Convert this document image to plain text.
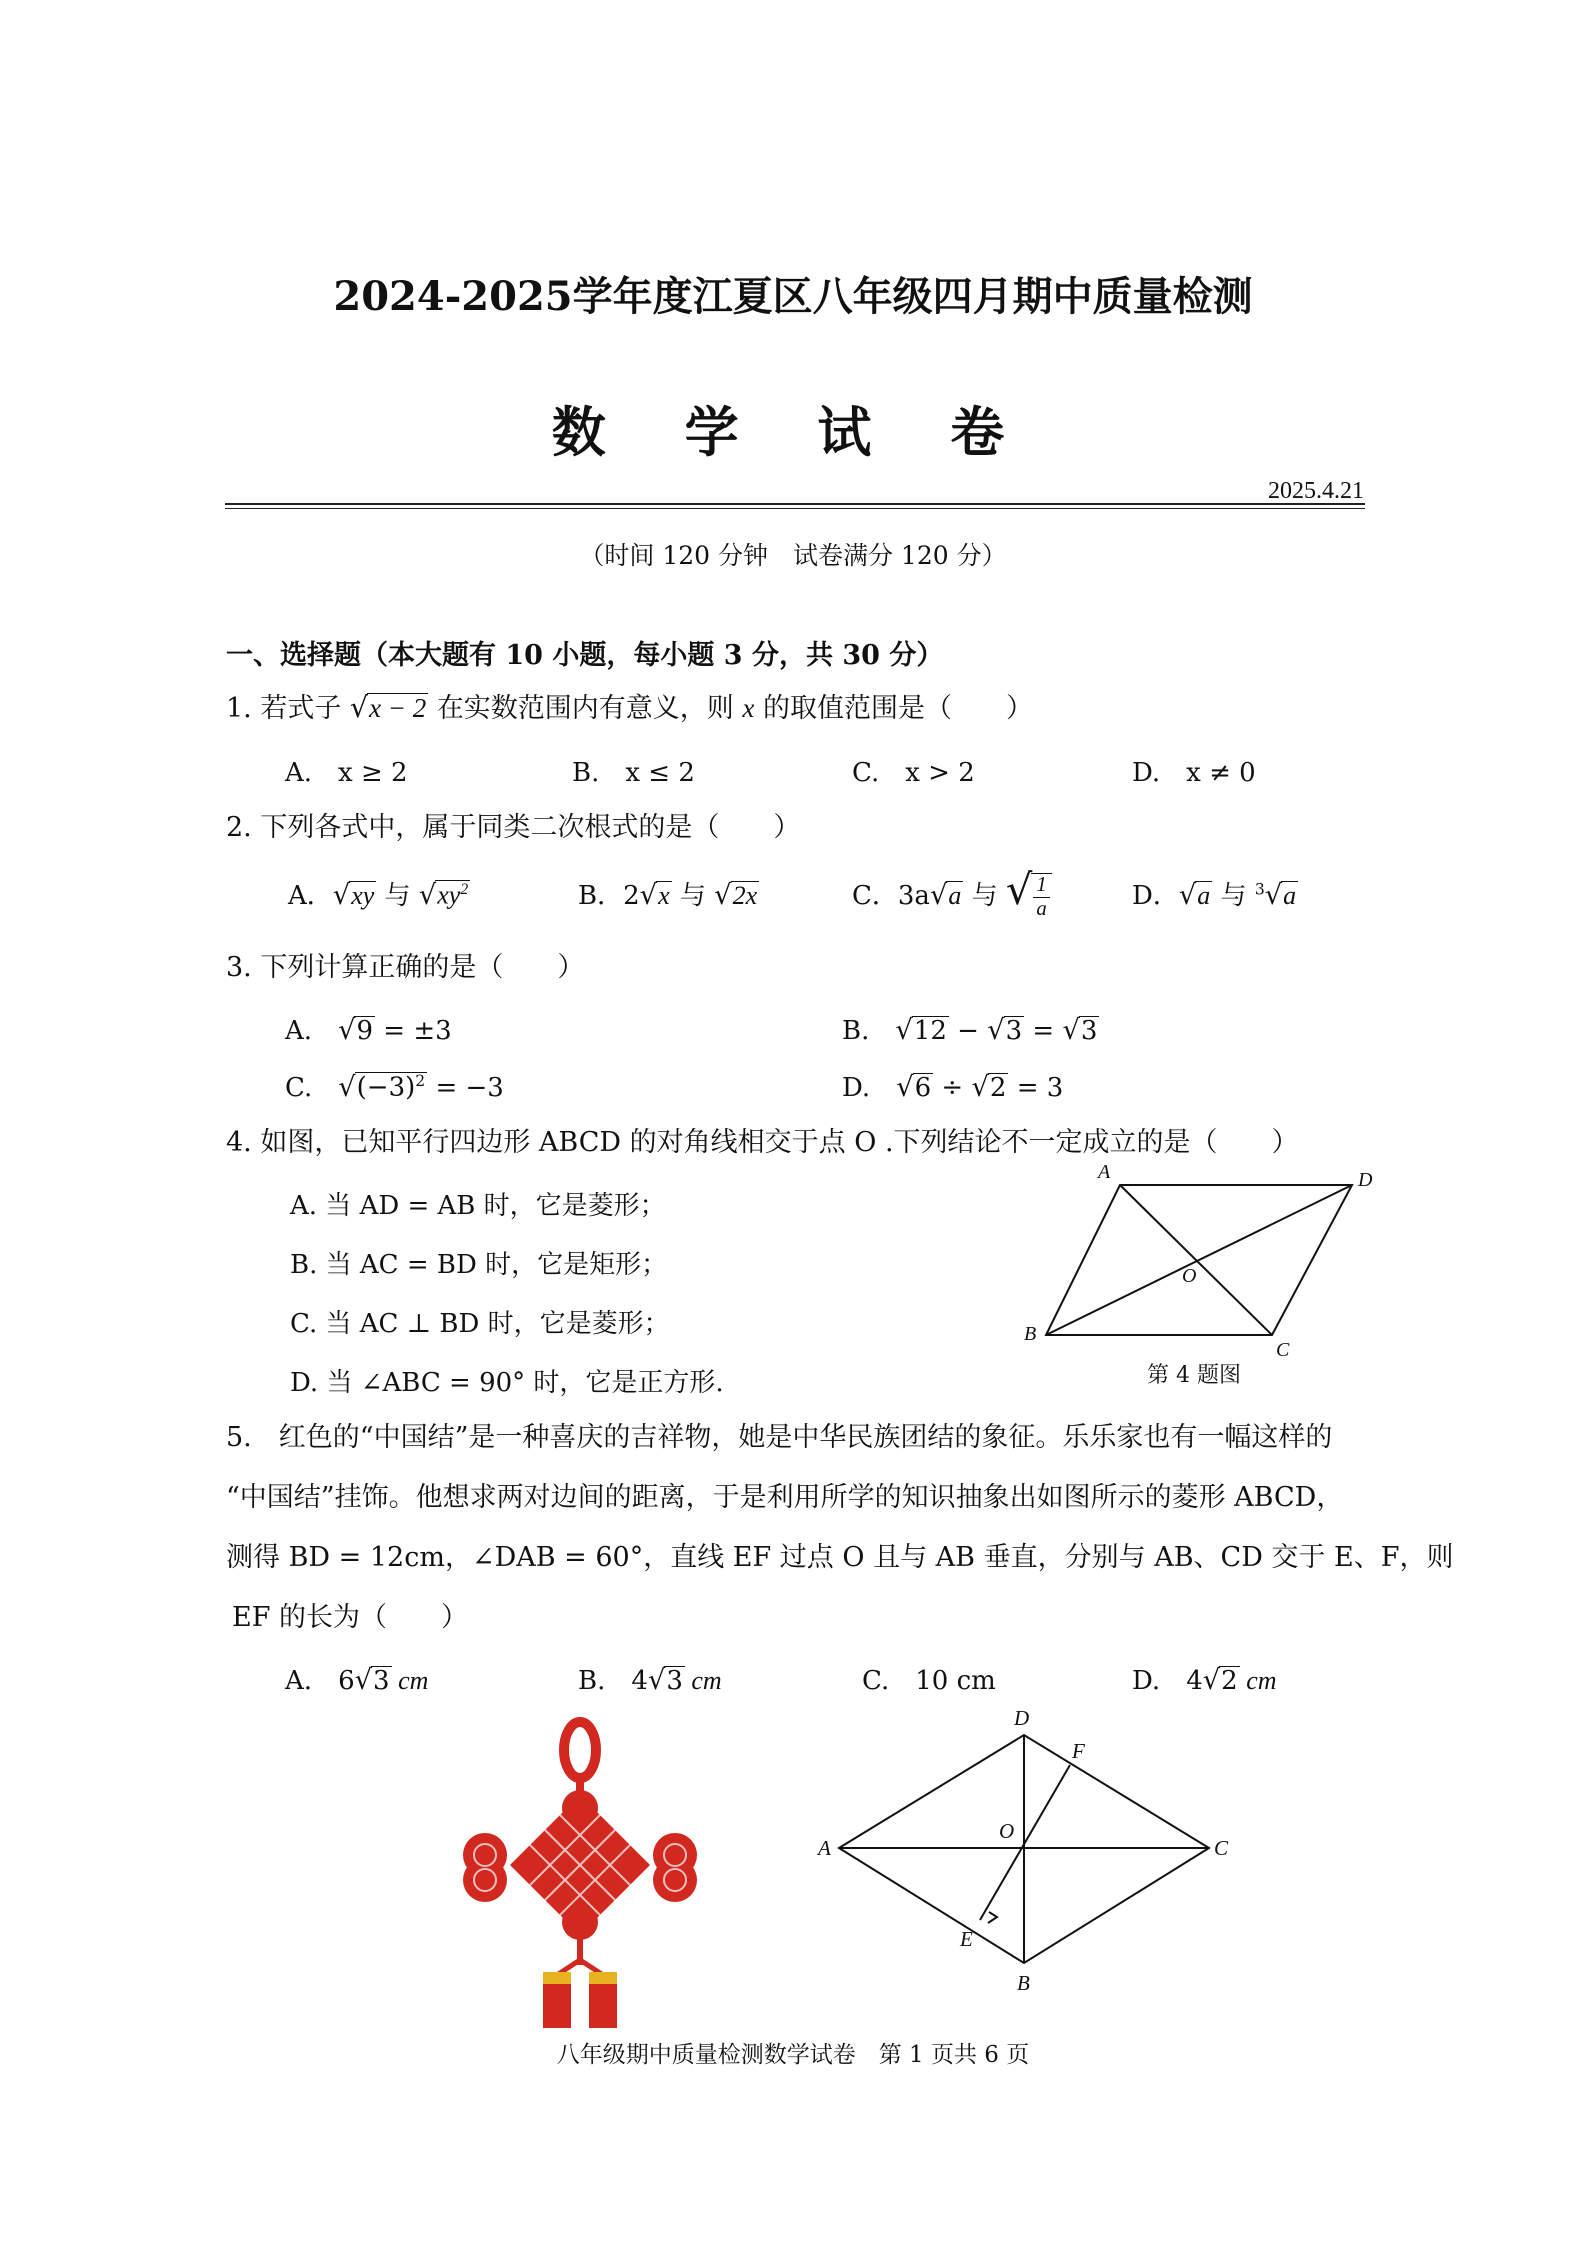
2024-2025学年度江夏区八年级四月期中质量检测
数 学 试 卷
2025.4.21
（时间 120 分钟　试卷满分 120 分）
一、选择题（本大题有 10 小题，每小题 3 分，共 30 分）
1. 若式子 √x − 2 在实数范围内有意义，则 x 的取值范围是（　　）
A.　x ≥ 2	B.　x ≤ 2	C.　x > 2	D.　x ≠ 0
2. 下列各式中，属于同类二次根式的是（　　）
A．√xy 与 $√xy^2$	B．2√x 与 √2x	C．3a√a 与 √ $\frac{1}{a}$	D．√a 与 $^3$√a
3. 下列计算正确的是（　　）
A.　 √9 = ±3	B.　 √12 − √3 = √3
C.　 $√(-3)^2 = -3$	D.　 √6 ÷ √2 = 3
4. 如图，已知平行四边形 ABCD 的对角线相交于点 O .下列结论不一定成立的是（　　）
A. 当 AD = AB 时，它是菱形；
B. 当 AC = BD 时，它是矩形；
C. 当 AC ⊥ BD 时，它是菱形；
D. 当 ∠ABC = 90° 时，它是正方形.
A	D
O
B
C
第 4 题图
5.　红色的“中国结”是一种喜庆的吉祥物，她是中华民族团结的象征。乐乐家也有一幅这样的
“中国结”挂饰。他想求两对边间的距离，于是利用所学的知识抽象出如图所示的菱形 ABCD，
测得 BD = 12cm，∠DAB = 60°，直线 EF 过点 O 且与 AB 垂直，分别与 AB、CD 交于 E、F，则
EF 的长为（　　）
A.　 6√3 cm	B.　 4√3 cm	C.　 10 cm	D.　 4√2 cm
D
F
O
A	C
E
B
八年级期中质量检测数学试卷　第 1 页共 6 页
